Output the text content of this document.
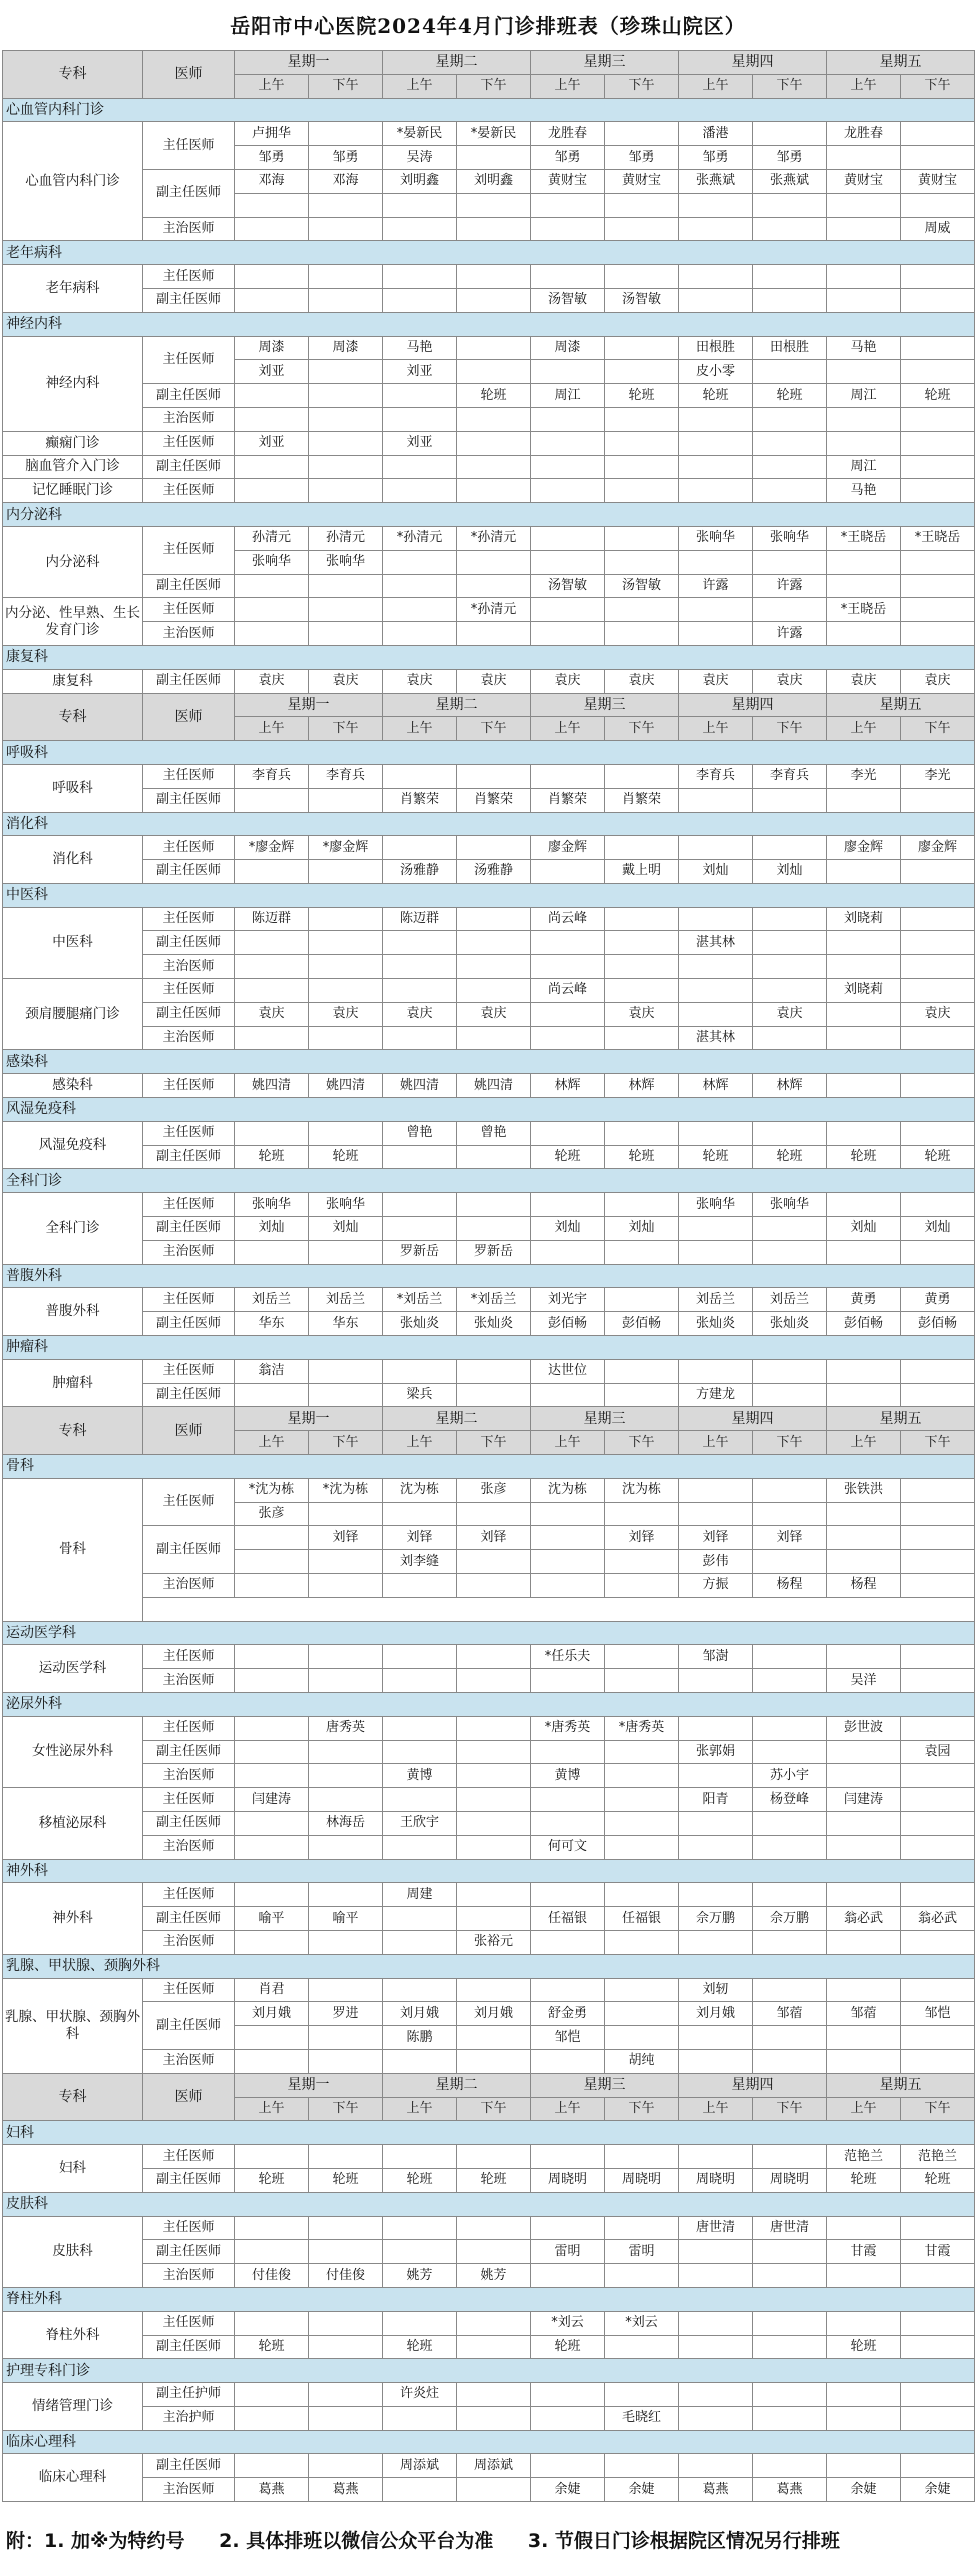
岳阳市中心医院2024年4月门诊排班表（珍珠山院区）
专科	医师	星期一		星期二		星期三		星期四		星期五	
		上午	下午	上午	下午	上午	下午	上午	下午	上午	下午
心血管内科门诊											
心血管内科门诊	主任医师	卢拥华		*晏新民	*晏新民	龙胜春		潘港		龙胜春	
		邹勇	邹勇	吴涛		邹勇	邹勇	邹勇	邹勇		
	副主任医师	邓海	邓海	刘明鑫	刘明鑫	黄财宝	黄财宝	张燕斌	张燕斌	黄财宝	黄财宝

	主治医师										周威
老年病科											
老年病科	主任医师										
	副主任医师					汤智敏	汤智敏				
神经内科											
神经内科	主任医师	周漆	周漆	马艳		周漆		田根胜	田根胜	马艳	
		刘亚		刘亚				皮小零			
	副主任医师				轮班	周江	轮班	轮班	轮班	周江	轮班
	主治医师										
癫痫门诊	主任医师	刘亚		刘亚							
脑血管介入门诊	副主任医师									周江	
记忆睡眠门诊	主任医师									马艳	
内分泌科											
内分泌科	主任医师	孙清元	孙清元	*孙清元	*孙清元			张响华	张响华	*王晓岳	*王晓岳
		张响华	张响华								
	副主任医师					汤智敏	汤智敏	许露	许露		
内分泌、性早熟、生长发育门诊	主任医师				*孙清元					*王晓岳	
	主治医师								许露		
康复科											
康复科	副主任医师	袁庆	袁庆	袁庆	袁庆	袁庆	袁庆	袁庆	袁庆	袁庆	袁庆
专科	医师	星期一		星期二		星期三		星期四		星期五	
		上午	下午	上午	下午	上午	下午	上午	下午	上午	下午
呼吸科											
呼吸科	主任医师	李育兵	李育兵					李育兵	李育兵	李光	李光
	副主任医师			肖繁荣	肖繁荣	肖繁荣	肖繁荣				
消化科											
消化科	主任医师	*廖金辉	*廖金辉			廖金辉				廖金辉	廖金辉
	副主任医师			汤雅静	汤雅静		戴上明	刘灿	刘灿		
中医科											
中医科	主任医师	陈迈群		陈迈群		尚云峰				刘晓莉	
	副主任医师							湛其林			
	主治医师										
颈肩腰腿痛门诊	主任医师					尚云峰				刘晓莉	
	副主任医师	袁庆	袁庆	袁庆	袁庆		袁庆		袁庆		袁庆
	主治医师							湛其林			
感染科											
感染科	主任医师	姚四清	姚四清	姚四清	姚四清	林辉	林辉	林辉	林辉		
风湿免疫科											
风湿免疫科	主任医师			曾艳	曾艳						
	副主任医师	轮班	轮班			轮班	轮班	轮班	轮班	轮班	轮班
全科门诊											
全科门诊	主任医师	张响华	张响华					张响华	张响华		
	副主任医师	刘灿	刘灿			刘灿	刘灿			刘灿	刘灿
	主治医师			罗新岳	罗新岳						
普腹外科											
普腹外科	主任医师	刘岳兰	刘岳兰	*刘岳兰	*刘岳兰	刘光宇		刘岳兰	刘岳兰	黄勇	黄勇
	副主任医师	华东	华东	张灿炎	张灿炎	彭佰畅	彭佰畅	张灿炎	张灿炎	彭佰畅	彭佰畅
肿瘤科											
肿瘤科	主任医师	翁洁				达世位					
	副主任医师			梁兵				方建龙			
专科	医师	星期一		星期二		星期三		星期四		星期五	
		上午	下午	上午	下午	上午	下午	上午	下午	上午	下午
骨科											
骨科	主任医师	*沈为栋	*沈为栋	沈为栋	张彦	沈为栋	沈为栋			张铁洪	
		张彦									
	副主任医师		刘铎	刘铎	刘铎		刘铎	刘铎	刘铎		
				刘李缝				彭伟			
	主治医师							方振	杨程	杨程	

运动医学科											
运动医学科	主任医师					*任乐夫		邹澍			
	主治医师									吴洋	
泌尿外科											
女性泌尿外科	主任医师		唐秀英			*唐秀英	*唐秀英			彭世波	
	副主任医师							张郭娟			袁园
	主治医师			黄博		黄博			苏小宇		
移植泌尿科	主任医师	闫建涛						阳青	杨登峰	闫建涛	
	副主任医师		林海岳	王欣宇							
	主治医师					何可文					
神外科											
神外科	主任医师			周建							
	副主任医师	喻平	喻平			任福银	任福银	佘万鹏	佘万鹏	翁必武	翁必武
	主治医师				张裕元						
乳腺、甲状腺、颈胸外科											
乳腺、甲状腺、颈胸外科	主任医师	肖君						刘轫			
	副主任医师	刘月娥	罗进	刘月娥	刘月娥	舒金勇		刘月娥	邹蓿	邹蓿	邹恺
				陈鹏		邹恺					
	主治医师						胡纯				
专科	医师	星期一		星期二		星期三		星期四		星期五	
		上午	下午	上午	下午	上午	下午	上午	下午	上午	下午
妇科											
妇科	主任医师									范艳兰	范艳兰
	副主任医师	轮班	轮班	轮班	轮班	周晓明	周晓明	周晓明	周晓明	轮班	轮班
皮肤科											
皮肤科	主任医师							唐世清	唐世清		
	副主任医师					雷明	雷明			甘霞	甘霞
	主治医师	付佳俊	付佳俊	姚芳	姚芳						
脊柱外科											
脊柱外科	主任医师					*刘云	*刘云				
	副主任医师	轮班		轮班		轮班				轮班	
护理专科门诊											
情绪管理门诊	副主任护师			许炎炷							
	主治护师						毛晓红				
临床心理科											
临床心理科	副主任医师			周添斌	周添斌						
	主治医师	葛燕	葛燕			余婕	余婕	葛燕	葛燕	余婕	余婕
附：1. 加※为特约号 2. 具体排班以微信公众平台为准 3. 节假日门诊根据院区情况另行排班
